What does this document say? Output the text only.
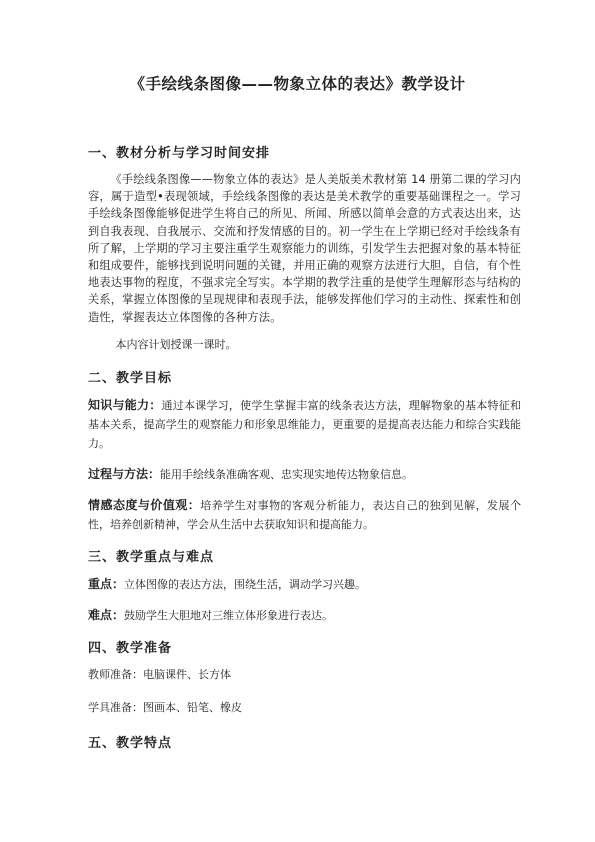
《手绘线条图像——物象立体的表达》教学设计
一、教材分析与学习时间安排

《手绘线条图像——物象立体的表达》是人美版美术教材第 14 册第二课的学习内容，属于造型•表现领域，手绘线条图像的表达是美术教学的重要基础课程之一。学习手绘线条图像能够促进学生将自己的所见、所闻、所感以简单会意的方式表达出来，达到自我表现、自我展示、交流和抒发情感的目的。初一学生在上学期已经对手绘线条有所了解，上学期的学习主要注重学生观察能力的训练，引发学生去把握对象的基本特征和组成要件，能够找到说明问题的关键，并用正确的观察方法进行大胆，自信，有个性地表达事物的程度，不强求完全写实。本学期的教学注重的是使学生理解形态与结构的关系，掌握立体图像的呈现规律和表现手法，能够发挥他们学习的主动性、探索性和创造性，掌握表达立体图像的各种方法。

本内容计划授课一课时。

二、教学目标

知识与能力：通过本课学习，使学生掌握丰富的线条表达方法，理解物象的基本特征和基本关系，提高学生的观察能力和形象思维能力，更重要的是提高表达能力和综合实践能力。

过程与方法：能用手绘线条准确客观、忠实现实地传达物象信息。

情感态度与价值观：培养学生对事物的客观分析能力，表达自己的独到见解，发展个性，培养创新精神，学会从生活中去获取知识和提高能力。

三、教学重点与难点

重点：立体图像的表达方法，围绕生活，调动学习兴趣。

难点：鼓励学生大胆地对三维立体形象进行表达。

四、教学准备

教师准备：电脑课件、长方体

学具准备：图画本、铅笔、橡皮

五、教学特点
